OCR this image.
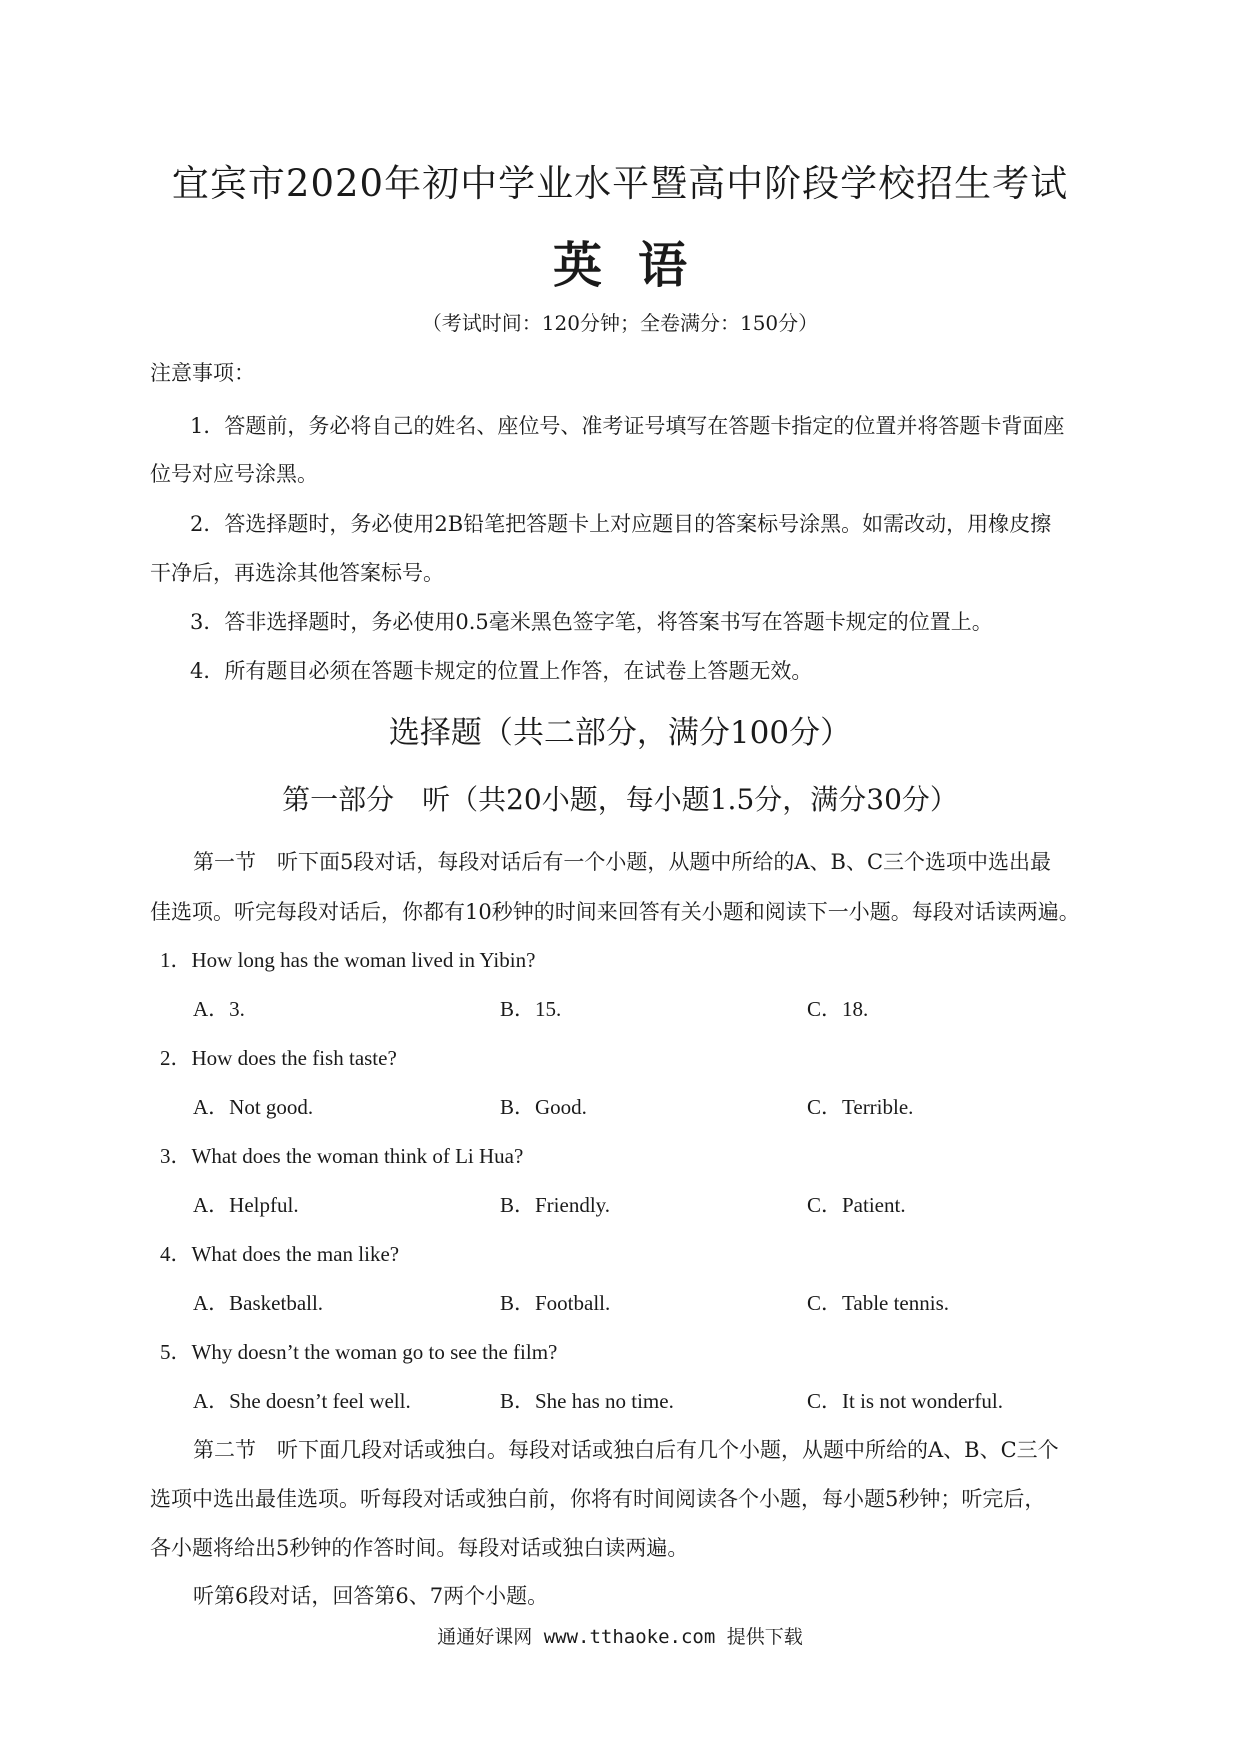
宜宾市2020年初中学业水平暨高中阶段学校招生考试
英语
（考试时间：120分钟；全卷满分：150分）
注意事项：
1．答题前，务必将自己的姓名、座位号、准考证号填写在答题卡指定的位置并将答题卡背面座
位号对应号涂黑。
2．答选择题时，务必使用2B铅笔把答题卡上对应题目的答案标号涂黑。如需改动，用橡皮擦
干净后，再选涂其他答案标号。
3．答非选择题时，务必使用0.5毫米黑色签字笔，将答案书写在答题卡规定的位置上。
4．所有题目必须在答题卡规定的位置上作答，在试卷上答题无效。
选择题（共二部分，满分100分）
第一部分　听（共20小题，每小题1.5分，满分30分）
第一节　听下面5段对话，每段对话后有一个小题，从题中所给的A、B、C三个选项中选出最
佳选项。听完每段对话后，你都有10秒钟的时间来回答有关小题和阅读下一小题。每段对话读两遍。
1．How long has the woman lived in Yibin?
A．3.	B．15.	C．18.
2．How does the fish taste?
A．Not good.	B．Good.	C．Terrible.
3．What does the woman think of Li Hua?
A．Helpful.	B．Friendly.	C．Patient.
4．What does the man like?
A．Basketball.	B．Football.	C．Table tennis.
5．Why doesn’t the woman go to see the film?
A．She doesn’t feel well.	B．She has no time.	C．It is not wonderful.
第二节　听下面几段对话或独白。每段对话或独白后有几个小题，从题中所给的A、B、C三个
选项中选出最佳选项。听每段对话或独白前，你将有时间阅读各个小题，每小题5秒钟；听完后，
各小题将给出5秒钟的作答时间。每段对话或独白读两遍。
听第6段对话，回答第6、7两个小题。
通通好课网 www.tthaoke.com 提供下载
